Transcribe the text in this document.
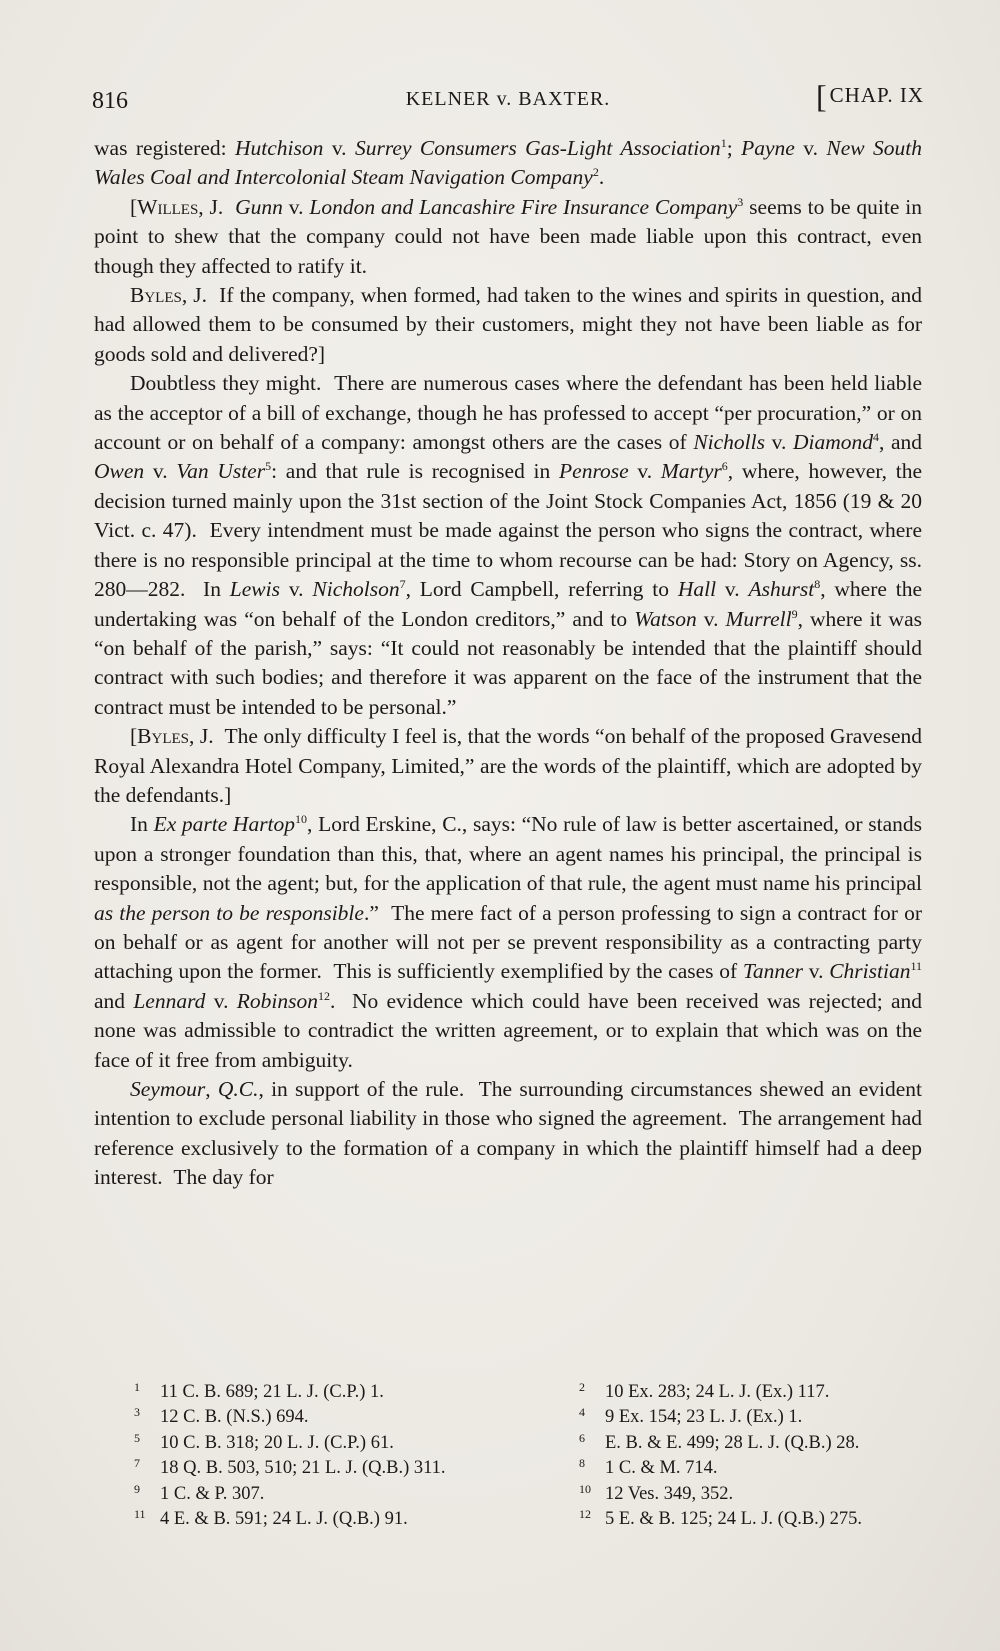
816	KELNER v. BAXTER.	[CHAP. IX

was registered: Hutchison v. Surrey Consumers Gas-Light Association$^1$; Payne v. New South Wales Coal and Intercolonial Steam Navigation Company$^2$.

[Willes, J.  Gunn v. London and Lancashire Fire Insurance Company$^3$ seems to be quite in point to shew that the company could not have been made liable upon this contract, even though they affected to ratify it.

Byles, J.  If the company, when formed, had taken to the wines and spirits in question, and had allowed them to be consumed by their customers, might they not have been liable as for goods sold and delivered?]

Doubtless they might.  There are numerous cases where the defendant has been held liable as the acceptor of a bill of exchange, though he has professed to accept “per procuration,” or on account or on behalf of a company: amongst others are the cases of Nicholls v. Diamond$^4$, and Owen v. Van Uster$^5$: and that rule is recognised in Penrose v. Martyr$^6$, where, however, the decision turned mainly upon the 31st section of the Joint Stock Companies Act, 1856 (19 & 20 Vict. c. 47).  Every intendment must be made against the person who signs the contract, where there is no responsible principal at the time to whom recourse can be had: Story on Agency, ss. 280—282.  In Lewis v. Nicholson$^7$, Lord Campbell, referring to Hall v. Ashurst$^8$, where the undertaking was “on behalf of the London creditors,” and to Watson v. Murrell$^9$, where it was “on behalf of the parish,” says: “It could not reasonably be intended that the plaintiff should contract with such bodies; and therefore it was apparent on the face of the instrument that the contract must be intended to be personal.”

[Byles, J.  The only difficulty I feel is, that the words “on behalf of the proposed Gravesend Royal Alexandra Hotel Company, Limited,” are the words of the plaintiff, which are adopted by the defendants.]

In Ex parte Hartop$^{10}$, Lord Erskine, C., says: “No rule of law is better ascertained, or stands upon a stronger foundation than this, that, where an agent names his principal, the principal is responsible, not the agent; but, for the application of that rule, the agent must name his principal as the person to be responsible.”  The mere fact of a person professing to sign a contract for or on behalf or as agent for another will not per se prevent responsibility as a contracting party attaching upon the former.  This is sufficiently exemplified by the cases of Tanner v. Christian$^{11}$ and Lennard v. Robinson$^{12}$.  No evidence which could have been received was rejected; and none was admissible to contradict the written agreement, or to explain that which was on the face of it free from ambiguity.

Seymour, Q.C., in support of the rule.  The surrounding circumstances shewed an evident intention to exclude personal liability in those who signed the agreement.  The arrangement had reference exclusively to the formation of a company in which the plaintiff himself had a deep interest.  The day for

1 11 C. B. 689; 21 L. J. (C.P.) 1.	2 10 Ex. 283; 24 L. J. (Ex.) 117.
3 12 C. B. (N.S.) 694.	4 9 Ex. 154; 23 L. J. (Ex.) 1.
5 10 C. B. 318; 20 L. J. (C.P.) 61.	6 E. B. & E. 499; 28 L. J. (Q.B.) 28.
7 18 Q. B. 503, 510; 21 L. J. (Q.B.) 311.	8 1 C. & M. 714.
9 1 C. & P. 307.	10 12 Ves. 349, 352.
11 4 E. & B. 591; 24 L. J. (Q.B.) 91.	12 5 E. & B. 125; 24 L. J. (Q.B.) 275.
